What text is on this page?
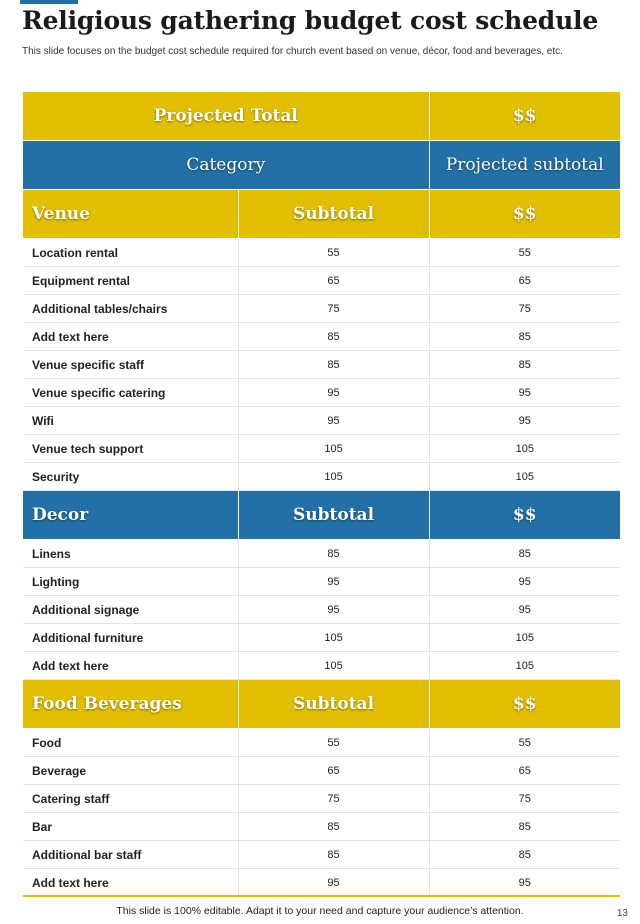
Religious gathering budget cost schedule
This slide focuses on the budget cost schedule required for church event based on venue, décor, food and beverages, etc.
Projected Total		$$
Category		Projected subtotal
Venue	Subtotal	$$
Location rental	55	55
Equipment rental	65	65
Additional tables/chairs	75	75
Add text here	85	85
Venue specific staff	85	85
Venue specific catering	95	95
Wifi	95	95
Venue tech support	105	105
Security	105	105
Decor	Subtotal	$$
Linens	85	85
Lighting	95	95
Additional signage	95	95
Additional furniture	105	105
Add text here	105	105
Food Beverages	Subtotal	$$
Food	55	55
Beverage	65	65
Catering staff	75	75
Bar	85	85
Additional bar staff	85	85
Add text here	95	95
This slide is 100% editable. Adapt it to your need and capture your audience’s attention.	13
